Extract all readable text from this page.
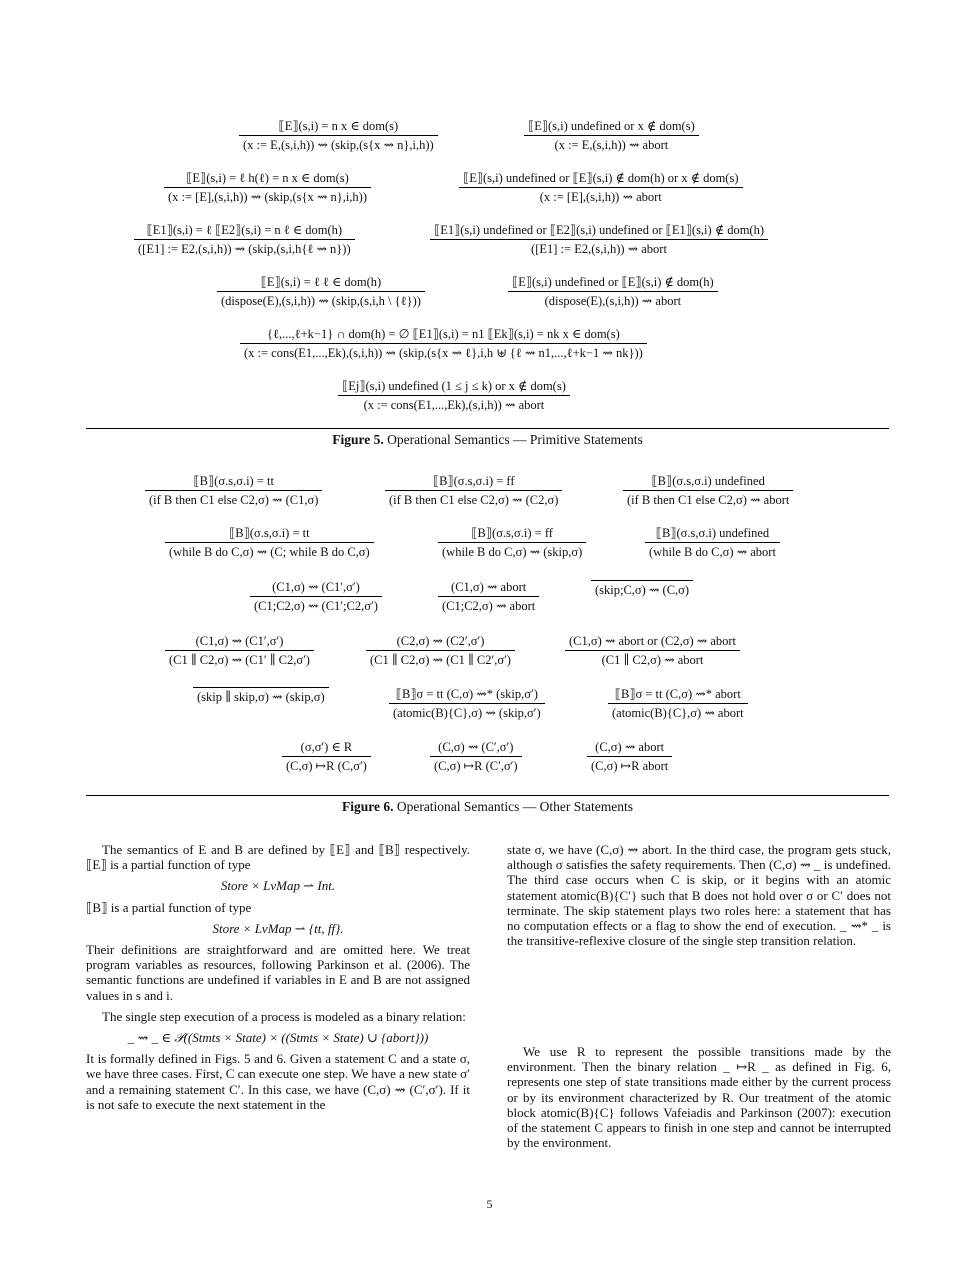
⟦E⟧(s,i) = n x ∈ dom(s)
(x := E,(s,i,h)) ⇝ (skip,(s{x ⇝ n},i,h))
⟦E⟧(s,i) undefined or x ∉ dom(s)
(x := E,(s,i,h)) ⇝ abort
⟦E⟧(s,i) = ℓ h(ℓ) = n x ∈ dom(s)
(x := [E],(s,i,h)) ⇝ (skip,(s{x ⇝ n},i,h))
⟦E⟧(s,i) undefined or ⟦E⟧(s,i) ∉ dom(h) or x ∉ dom(s)
(x := [E],(s,i,h)) ⇝ abort
⟦E1⟧(s,i) = ℓ ⟦E2⟧(s,i) = n ℓ ∈ dom(h)
([E1] := E2,(s,i,h)) ⇝ (skip,(s,i,h{ℓ ⇝ n}))
⟦E1⟧(s,i) undefined or ⟦E2⟧(s,i) undefined or ⟦E1⟧(s,i) ∉ dom(h)
([E1] := E2,(s,i,h)) ⇝ abort
⟦E⟧(s,i) = ℓ ℓ ∈ dom(h)
(dispose(E),(s,i,h)) ⇝ (skip,(s,i,h \ {ℓ}))
⟦E⟧(s,i) undefined or ⟦E⟧(s,i) ∉ dom(h)
(dispose(E),(s,i,h)) ⇝ abort
{ℓ,...,ℓ+k−1} ∩ dom(h) = ∅ ⟦E1⟧(s,i) = n1 ⟦Ek⟧(s,i) = nk x ∈ dom(s)
(x := cons(E1,...,Ek),(s,i,h)) ⇝ (skip,(s{x ⇝ ℓ},i,h ⊎ {ℓ ⇝ n1,...,ℓ+k−1 ⇝ nk}))
⟦Ej⟧(s,i) undefined (1 ≤ j ≤ k) or x ∉ dom(s)
(x := cons(E1,...,Ek),(s,i,h)) ⇝ abort
Figure 5. Operational Semantics — Primitive Statements
⟦B⟧(σ.s,σ.i) = tt
(if B then C1 else C2,σ) ⇝ (C1,σ)
⟦B⟧(σ.s,σ.i) = ff
(if B then C1 else C2,σ) ⇝ (C2,σ)
⟦B⟧(σ.s,σ.i) undefined
(if B then C1 else C2,σ) ⇝ abort
⟦B⟧(σ.s,σ.i) = tt
(while B do C,σ) ⇝ (C; while B do C,σ)
⟦B⟧(σ.s,σ.i) = ff
(while B do C,σ) ⇝ (skip,σ)
⟦B⟧(σ.s,σ.i) undefined
(while B do C,σ) ⇝ abort
(C1,σ) ⇝ (C1′,σ′)
(C1;C2,σ) ⇝ (C1′;C2,σ′)
(C1,σ) ⇝ abort
(C1;C2,σ) ⇝ abort
(skip;C,σ) ⇝ (C,σ)
(C1,σ) ⇝ (C1′,σ′)
(C1 ∥ C2,σ) ⇝ (C1′ ∥ C2,σ′)
(C2,σ) ⇝ (C2′,σ′)
(C1 ∥ C2,σ) ⇝ (C1 ∥ C2′,σ′)
(C1,σ) ⇝ abort or (C2,σ) ⇝ abort
(C1 ∥ C2,σ) ⇝ abort
(skip ∥ skip,σ) ⇝ (skip,σ)	⟦B⟧σ = tt (C,σ) ⇝* (skip,σ′)
(atomic(B){C},σ) ⇝ (skip,σ′)
⟦B⟧σ = tt (C,σ) ⇝* abort
(atomic(B){C},σ) ⇝ abort
(σ,σ′) ∈ R
(C,σ) ↦R (C,σ′)
(C,σ) ⇝ (C′,σ′)
(C,σ) ↦R (C′,σ′)
(C,σ) ⇝ abort
(C,σ) ↦R abort
Figure 6. Operational Semantics — Other Statements

The semantics of E and B are defined by ⟦E⟧ and ⟦B⟧ respectively. ⟦E⟧ is a partial function of type

Store × LvMap ⇀ Int.

⟦B⟧ is a partial function of type

Store × LvMap ⇀ {tt, ff}.

Their definitions are straightforward and are omitted here. We treat program variables as resources, following Parkinson et al. (2006). The semantic functions are undefined if variables in E and B are not assigned values in s and i.

The single step execution of a process is modeled as a binary relation:

_ ⇝ _ ∈ 𝒫((Stmts × State) × ((Stmts × State) ∪ {abort}))

It is formally defined in Figs. 5 and 6. Given a statement C and a state σ, we have three cases. First, C can execute one step. We have a new state σ′ and a remaining statement C′. In this case, we have (C,σ) ⇝ (C′,σ′). If it is not safe to execute the next statement in the

state σ, we have (C,σ) ⇝ abort. In the third case, the program gets stuck, although σ satisfies the safety requirements. Then (C,σ) ⇝ _ is undefined. The third case occurs when C is skip, or it begins with an atomic statement atomic(B){C′} such that B does not hold over σ or C′ does not terminate. The skip statement plays two roles here: a statement that has no computation effects or a flag to show the end of execution. _ ⇝* _ is the transitive-reflexive closure of the single step transition relation.

We use R to represent the possible transitions made by the environment. Then the binary relation _ ↦R _ as defined in Fig. 6, represents one step of state transitions made either by the current process or by its environment characterized by R. Our treatment of the atomic block atomic(B){C} follows Vafeiadis and Parkinson (2007): execution of the statement C appears to finish in one step and cannot be interrupted by the environment.

5
